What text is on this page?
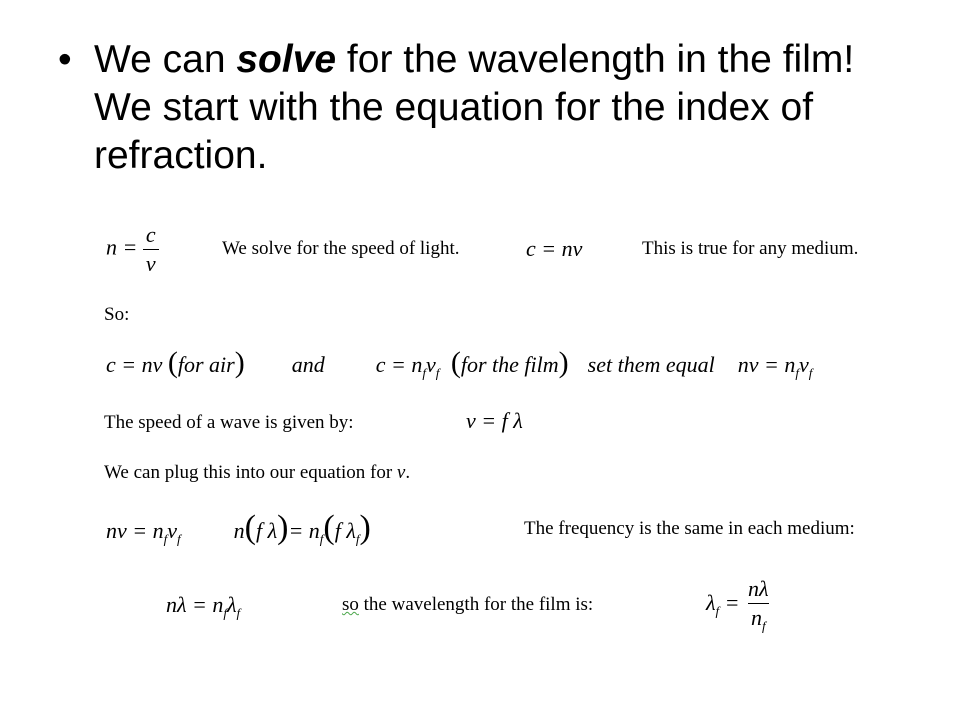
• We can solve for the wavelength in the film! We start with the equation for the index of refraction.
$n = \frac{c}{v}$	We solve for the speed of light.	c = nv	This is true for any medium.
So:
c = nv (for air) and $c = n_fv_f$ (for the film) set them equal nv = $n_fv_f$
The speed of a wave is given by:	v = f λ
We can plug this into our equation for v.
nv = $n_fv_f$ n(f $\lambda)= n_f(f$ $\lambda_f$)	The frequency is the same in each medium:
$n\lambda = n_f\lambda_f$	so the wavelength for the film is:	$\lambda_f = \frac{n\lambda}{n_f}$
